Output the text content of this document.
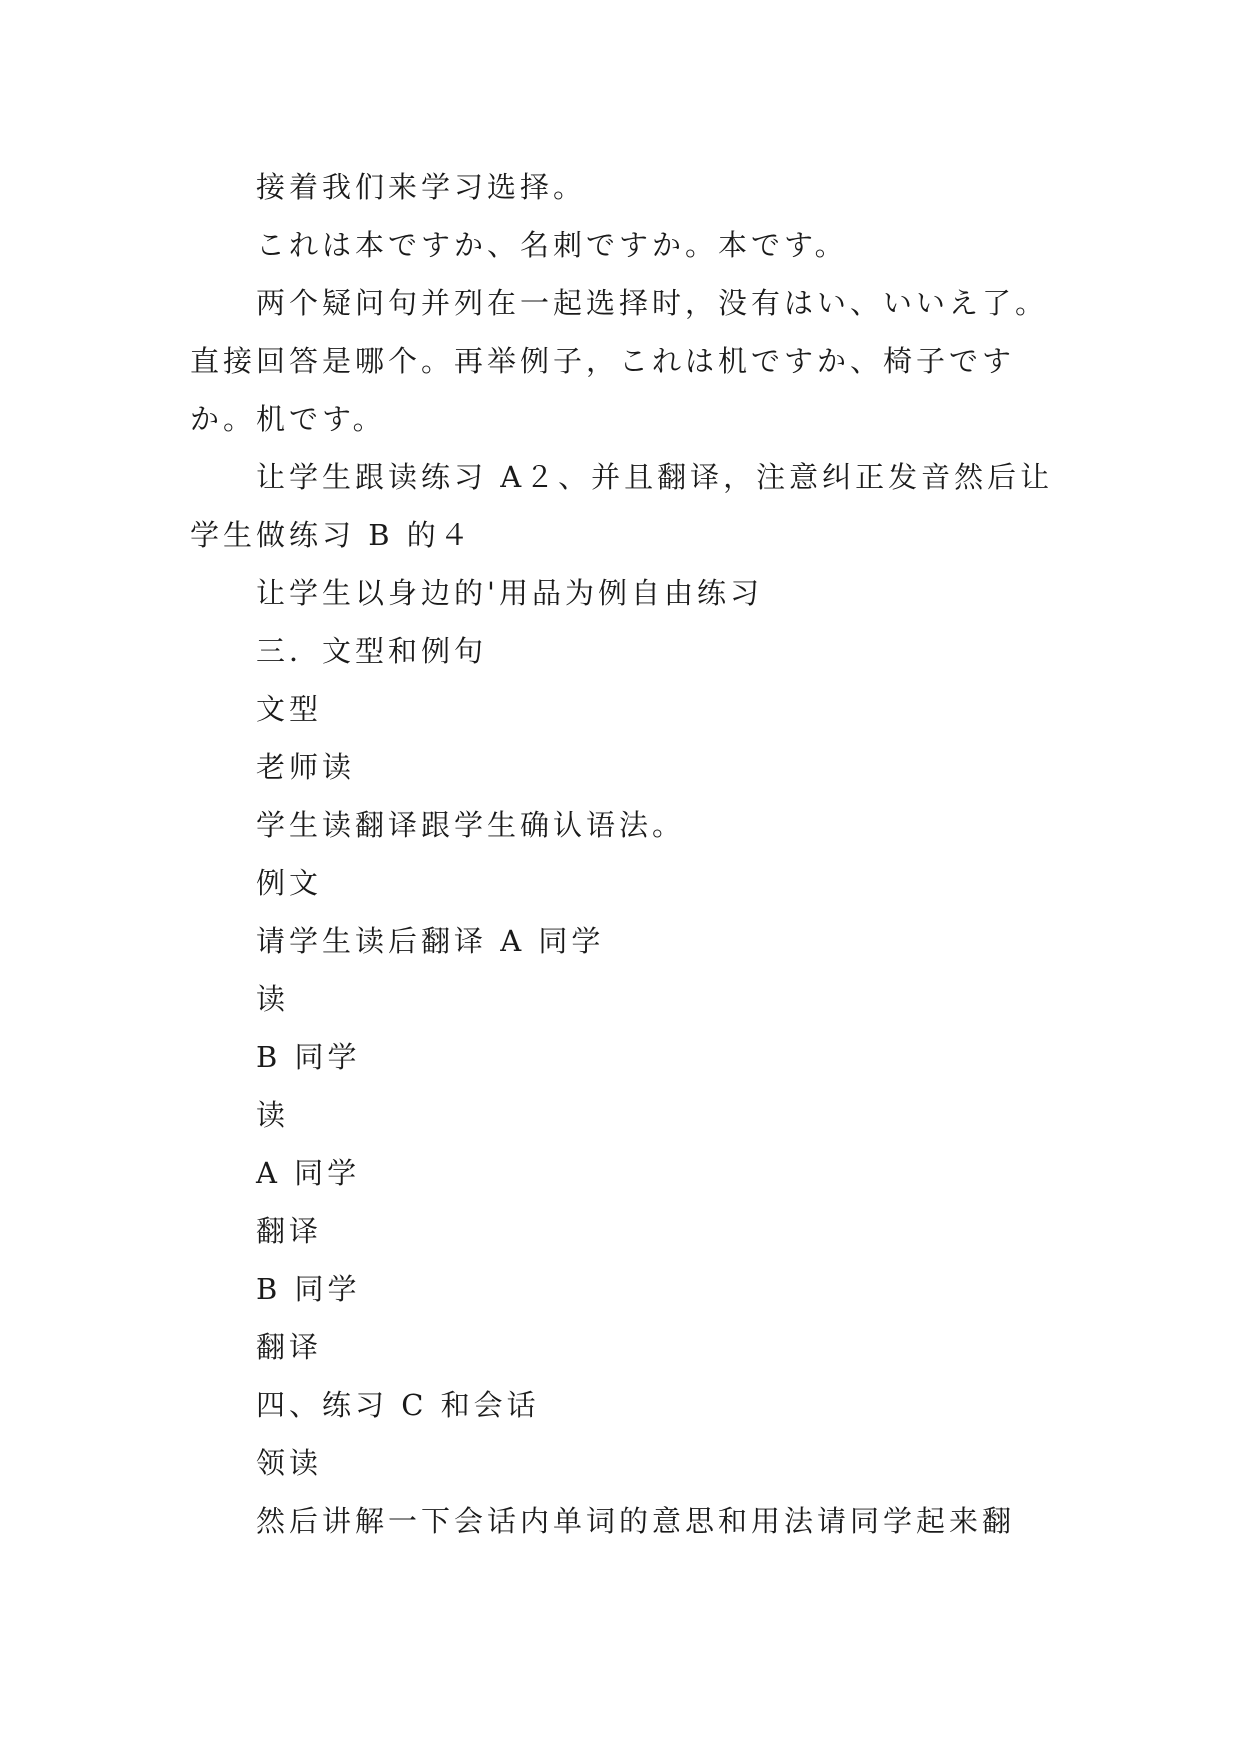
接着我们来学习选择。

これは本ですか、名刺ですか。本です。

两个疑问句并列在一起选择时，没有はい、いいえ了。直接回答是哪个。再举例子，これは机ですか、椅子ですか。机です。

让学生跟读练习 A２、并且翻译，注意纠正发音然后让学生做练习 B 的４

让学生以身边的'用品为例自由练习

三．文型和例句

文型

老师读

学生读翻译跟学生确认语法。

例文

请学生读后翻译 A 同学

读

B 同学

读

A 同学

翻译

B 同学

翻译

四、练习 C 和会话

领读

然后讲解一下会话内单词的意思和用法请同学起来翻
